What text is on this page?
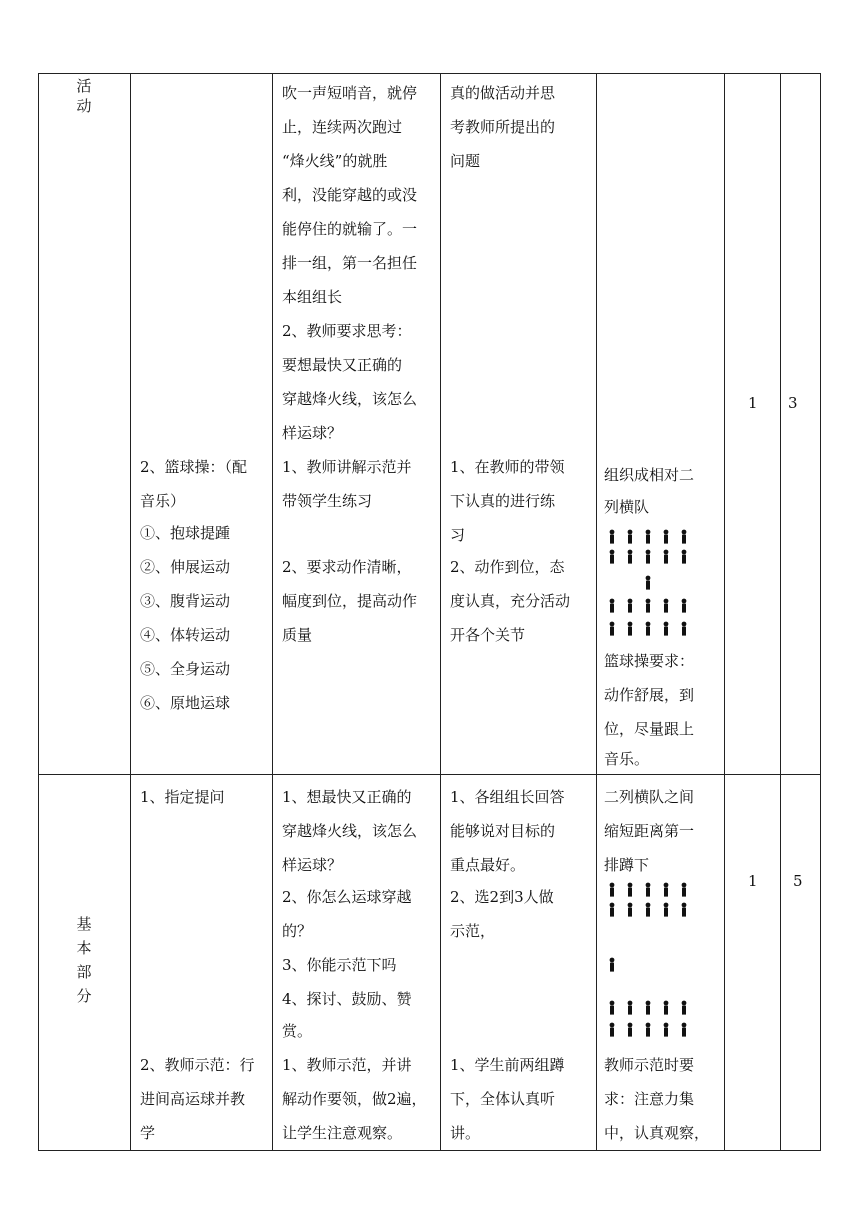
活
动
吹一声短哨音，就停
止，连续两次跑过
“烽火线”的就胜
利，没能穿越的或没
能停住的就输了。一
排一组，第一名担任
本组组长
2、教师要求思考：
要想最快又正确的
穿越烽火线，该怎么
样运球？
1、教师讲解示范并
带领学生练习
2、要求动作清晰，
幅度到位，提高动作
质量
真的做活动并思
考教师所提出的
问题
1、在教师的带领
下认真的进行练
习
2、动作到位，态
度认真，充分活动
开各个关节
1 3
2、篮球操：（配
音乐）
①、抱球提踵
②、伸展运动
③、腹背运动
④、体转运动
⑤、全身运动
⑥、原地运球
组织成相对二
列横队
篮球操要求：
动作舒展，到
位，尽量跟上
音乐。
基
本
部
分
1 5
1、指定提问
2、教师示范：行
进间高运球并教
学
1、想最快又正确的
穿越烽火线，该怎么
样运球？
2、你怎么运球穿越
的？
3、你能示范下吗
4、探讨、鼓励、赞
赏。
1、教师示范，并讲
解动作要领，做2遍，
让学生注意观察。
1、各组组长回答
能够说对目标的
重点最好。
2、选2到3人做
示范，
1、学生前两组蹲
下，全体认真听
讲。
二列横队之间
缩短距离第一
排蹲下
教师示范时要
求：注意力集
中，认真观察，
